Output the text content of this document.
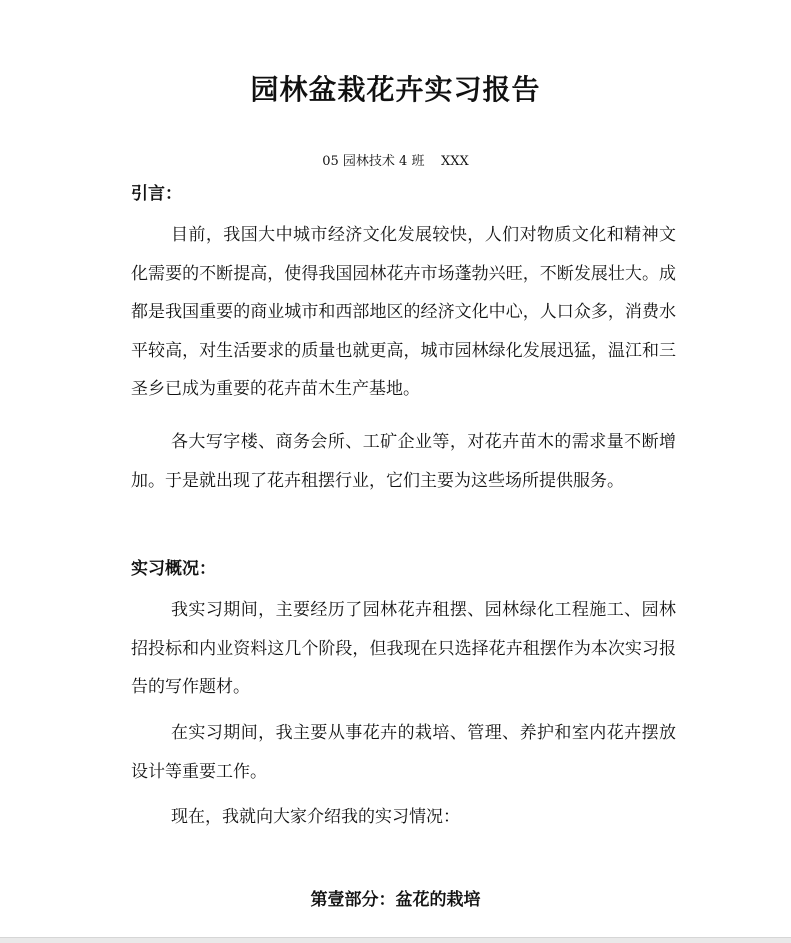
园林盆栽花卉实习报告
05 园林技术 4 班    XXX
引言：
目前，我国大中城市经济文化发展较快，人们对物质文化和精神文化需要的不断提高，使得我国园林花卉市场蓬勃兴旺，不断发展壮大。成都是我国重要的商业城市和西部地区的经济文化中心，人口众多，消费水平较高，对生活要求的质量也就更高，城市园林绿化发展迅猛，温江和三圣乡已成为重要的花卉苗木生产基地。
各大写字楼、商务会所、工矿企业等，对花卉苗木的需求量不断增加。于是就出现了花卉租摆行业，它们主要为这些场所提供服务。
实习概况：
我实习期间，主要经历了园林花卉租摆、园林绿化工程施工、园林招投标和内业资料这几个阶段，但我现在只选择花卉租摆作为本次实习报告的写作题材。
在实习期间，我主要从事花卉的栽培、管理、养护和室内花卉摆放设计等重要工作。
现在，我就向大家介绍我的实习情况：
第壹部分：盆花的栽培
